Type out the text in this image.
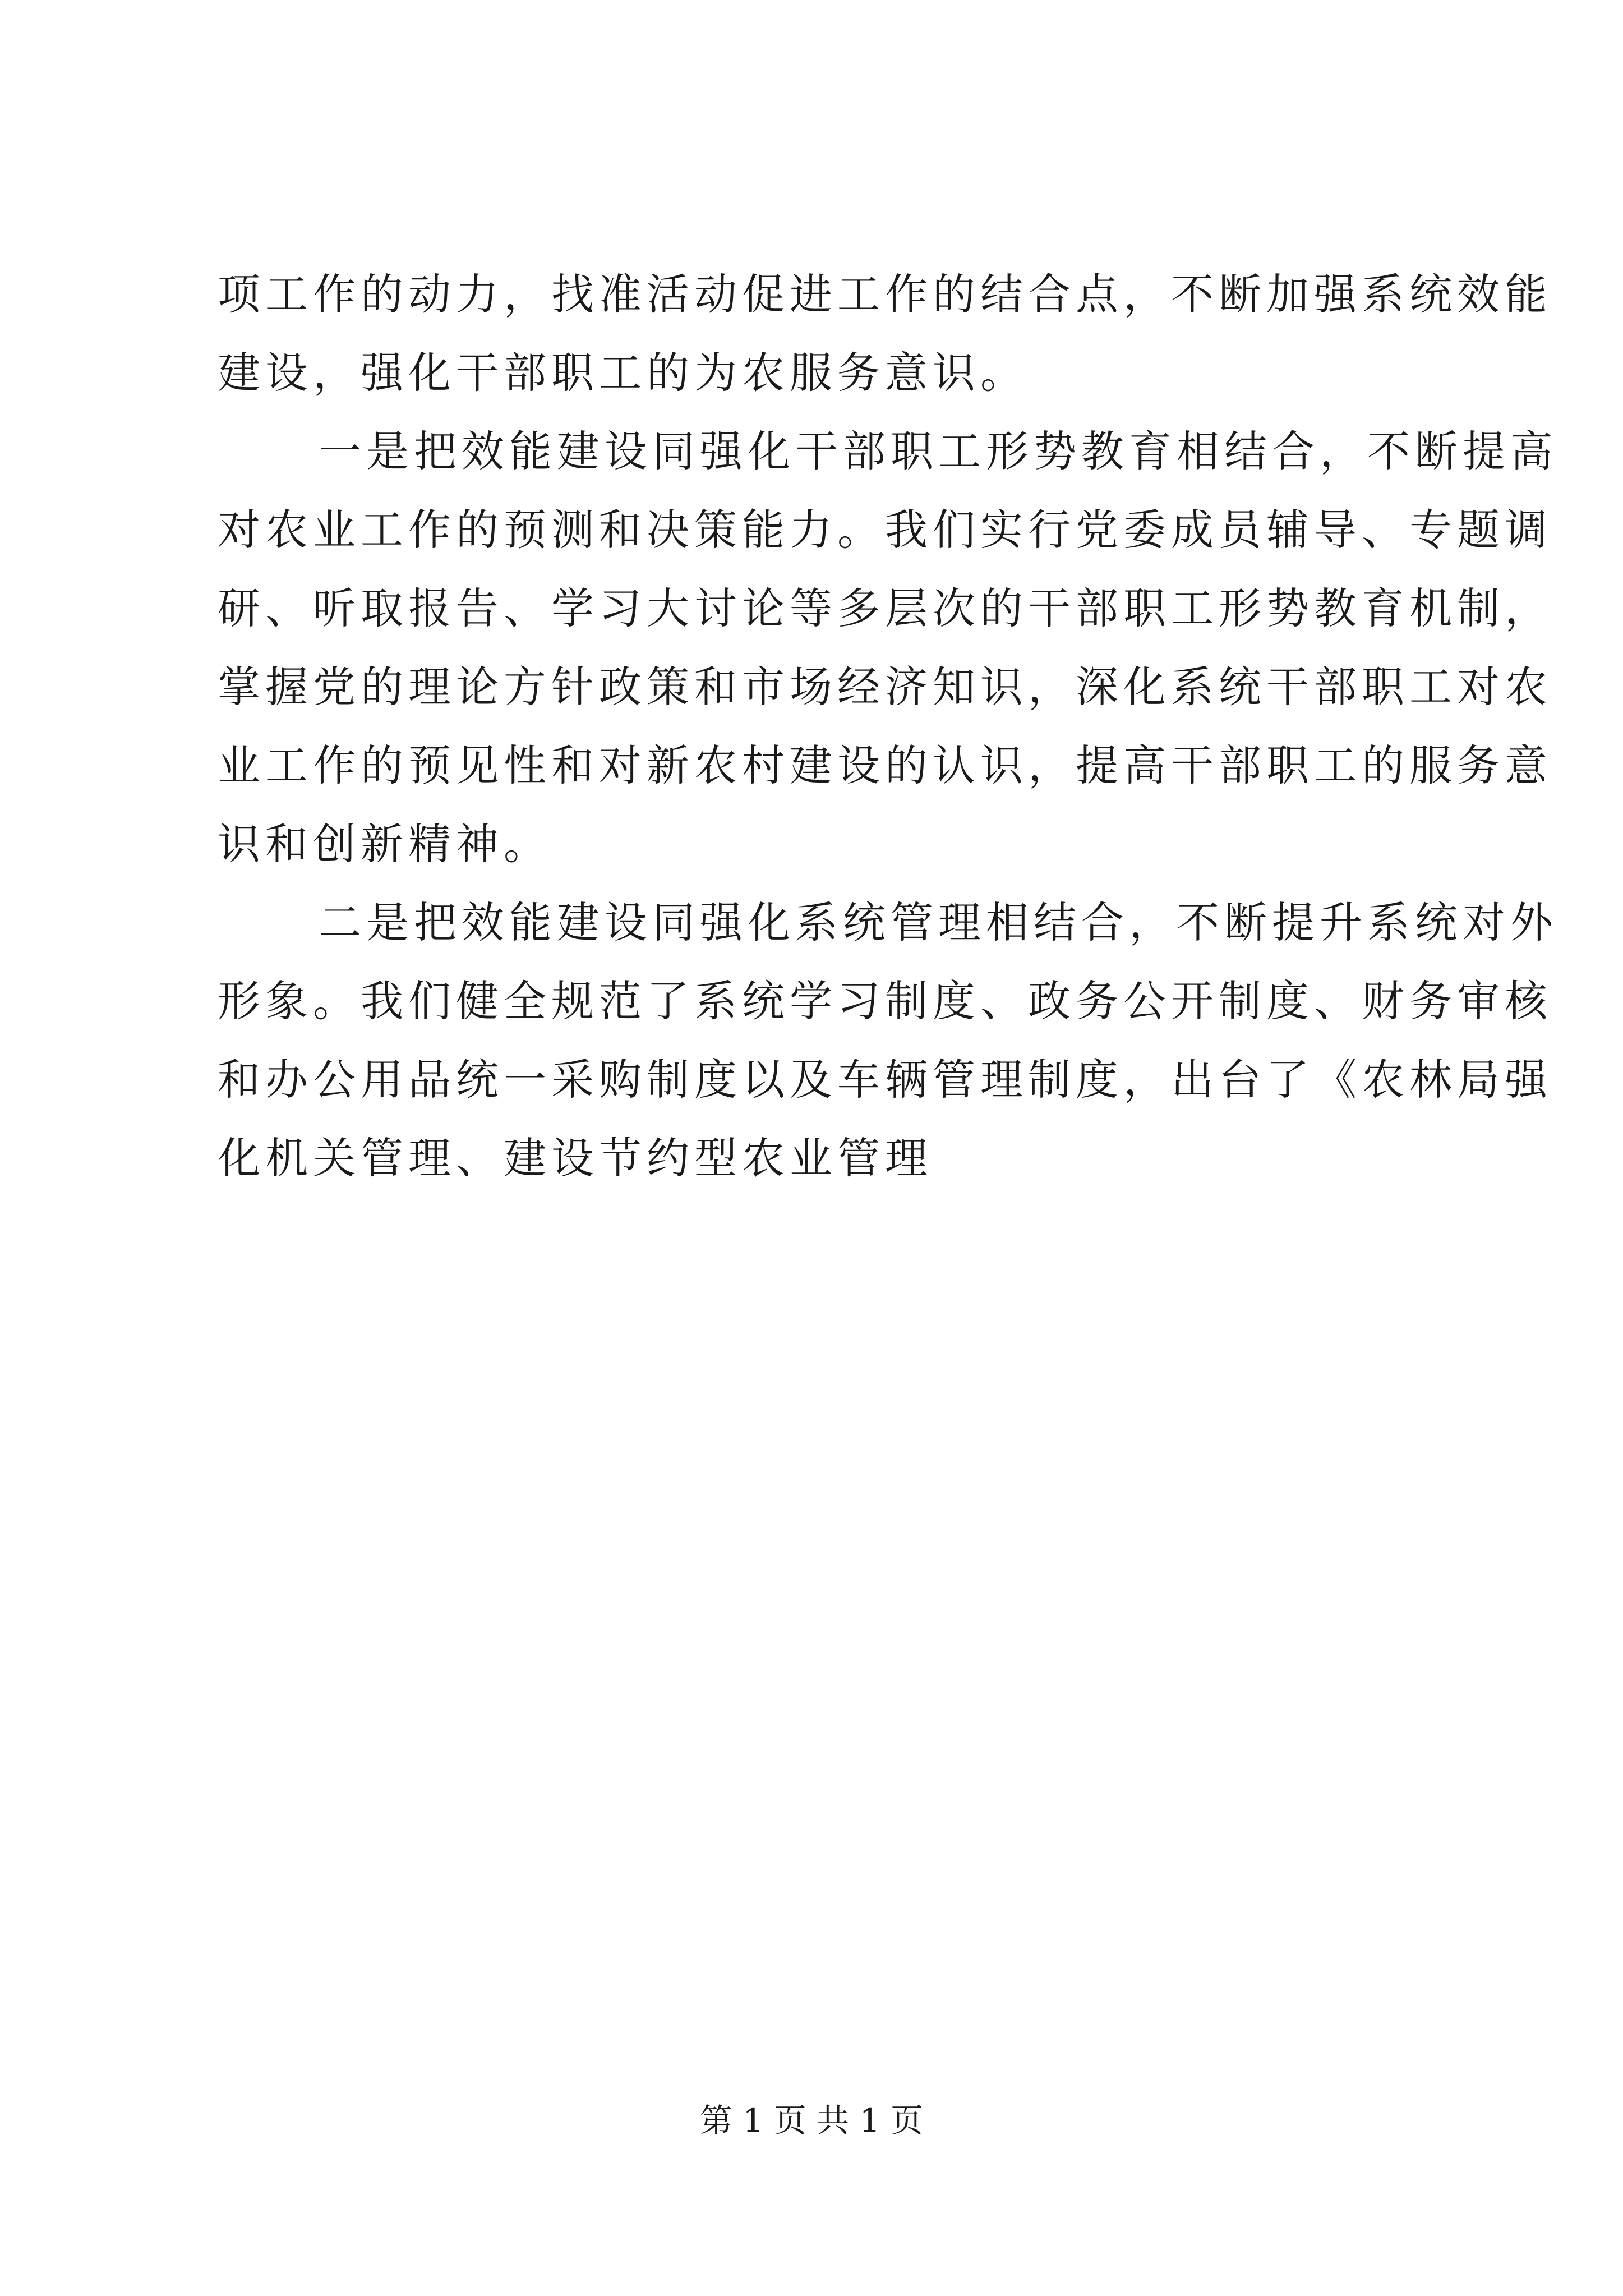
项工作的动力，找准活动促进工作的结合点，不断加强系统效能
建设，强化干部职工的为农服务意识。
一是把效能建设同强化干部职工形势教育相结合，不断提高
对农业工作的预测和决策能力。我们实行党委成员辅导、专题调
研、听取报告、学习大讨论等多层次的干部职工形势教育机制，
掌握党的理论方针政策和市场经济知识，深化系统干部职工对农
业工作的预见性和对新农村建设的认识，提高干部职工的服务意
识和创新精神。
二是把效能建设同强化系统管理相结合，不断提升系统对外
形象。我们健全规范了系统学习制度、政务公开制度、财务审核
和办公用品统一采购制度以及车辆管理制度，出台了《农林局强
化机关管理、建设节约型农业管理
第 1 页 共 1 页
